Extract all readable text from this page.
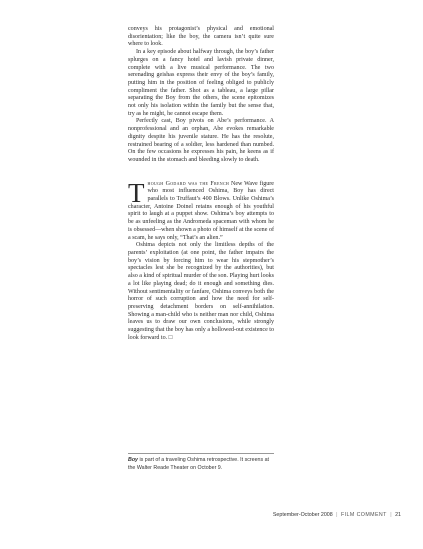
conveys his protagonist’s physical and emotional disorientation; like the boy, the camera isn’t quite sure where to look.

In a key episode about halfway through, the boy’s father splurges on a fancy hotel and lavish private dinner, complete with a live musical performance. The two serenading geishas express their envy of the boy’s family, putting him in the position of feeling obliged to publicly compliment the father. Shot as a tableau, a large pillar separating the Boy from the others, the scene epitomizes not only his isolation within the family but the sense that, try as he might, he cannot escape them.

Perfectly cast, Boy pivots on Abe’s performance. A nonprofessional and an orphan, Abe evokes remarkable dignity despite his juvenile stature. He has the resolute, restrained bearing of a soldier, less hardened than numbed. On the few occasions he expresses his pain, he keens as if wounded in the stomach and bleeding slowly to death.

Though Godard was the French New Wave figure who most influenced Oshima, Boy has direct parallels to Truffaut’s 400 Blows. Unlike Oshima’s character, Antoine Doinel retains enough of his youthful spirit to laugh at a puppet show. Oshima’s boy attempts to be as unfeeling as the Andromeda spaceman with whom he is obsessed—when shown a photo of himself at the scene of a scam, he says only, “That’s an alien.”

Oshima depicts not only the limitless depths of the parents’ exploitation (at one point, the father impairs the boy’s vision by forcing him to wear his stepmother’s spectacles lest she be recognized by the authorities), but also a kind of spiritual murder of the son. Playing hurt looks a lot like playing dead; do it enough and something dies. Without sentimentality or fanfare, Oshima conveys both the horror of such corruption and how the need for self-preserving detachment borders on self-annihilation. Showing a man-child who is neither man nor child, Oshima leaves us to draw our own conclusions, while strongly suggesting that the boy has only a hollowed-out existence to look forward to. □

Boy is part of a traveling Oshima retrospective. It screens at the Walter Reade Theater on October 9.
September-October 2008 | FILM COMMENT | 21
